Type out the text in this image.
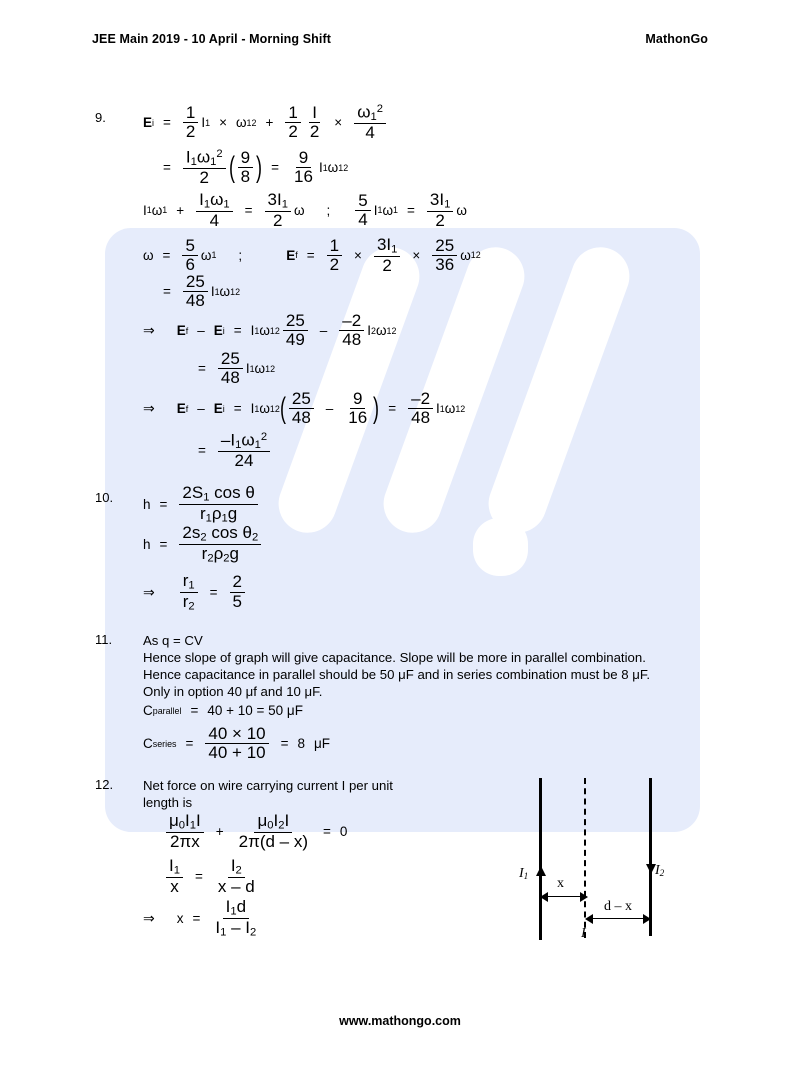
JEE Main 2019 - 10 April - Morning Shift	MathonGo
9.	E $i = \frac{1}{2}$ I 1 × ω 1 $2 + \frac{1}{2} \frac{I}{2} \times \frac{\omega_1^2}{4}$
= $\frac{I_1\omega_1^2}{2}$ ( $\frac{9}{8}$ ) = $\frac{9}{16}$ I 1 ω 1 2
I 1 ω $1 + \frac{I_1\omega_1}{4} = \frac{3I_1}{2}$ ω ; $\frac{5}{4}$ I 1 ω $1 = \frac{3I_1}{2}$ ω
$\omega = \frac{5}{6}$ ω 1 ;	E $f = \frac{1}{2} \times \frac{3I_1}{2} \times \frac{25}{36}$ ω 1 2
= $\frac{25}{48}$ I 1 ω 1 2
⇒ E f – E i =
I 1 ω 1 $2 \frac{25}{49} - \frac{-2}{48}$ I 2 ω 1 2
= $\frac{25}{48}$ I 1 ω 1 2
⇒ E f – E i =
I 1 ω 1 2 ( $\frac{25}{48} - \frac{9}{16}$ ) = $\frac{-2}{48}$ I 1 ω 1 2
= $\frac{-I_1\omega_1^2}{24}$
10. $h = \frac{2S_1 \cos \theta}{r_1\rho_1g}$
$h = \frac{2s_2 \cos \theta_2}{r_2\rho_2g}$
⇒ $\frac{r_1}{r_2} = \frac{2}{5}$
11. As q = CV
Hence slope of graph will give capacitance. Slope will be more in parallel combination.
Hence capacitance in parallel should be 50 μF and in series combination must be 8 μF.
Only in option 40 μf and 10 μF.
C parallel = 40 + 10 = 50 μF
C series = $\frac{40 \times 10}{40 + 10} = 8$ μF
12. Net force on wire carrying current I per unit
length is
$\frac{\mu_0I_1I}{2\pi x} + \frac{\mu_0I_2I}{2\pi(d - x)} = 0$
$\frac{I_1}{x} = \frac{I_2}{x - d}$
⇒ $x = \frac{I_1d}{I_1 - I_2}$
$I_1$	$I_2$
I
x
d – x
www.mathongo.com
